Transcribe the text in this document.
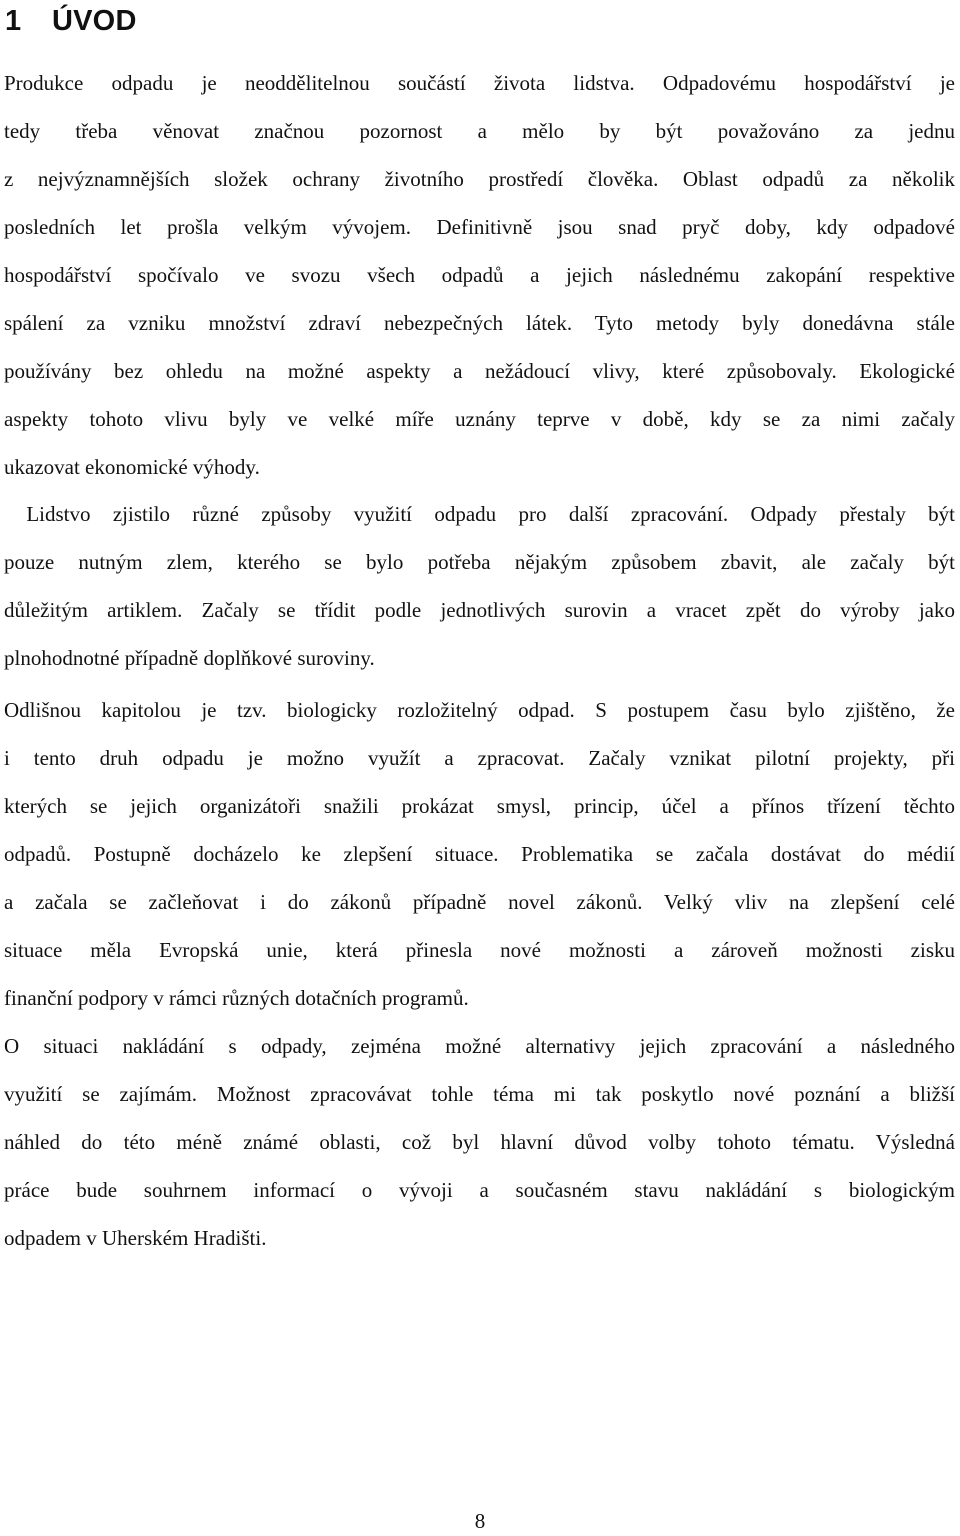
1 ÚVOD

Produkce odpadu je neoddělitelnou součástí života lidstva. Odpadovému hospodářství je
tedy třeba věnovat značnou pozornost a mělo by být považováno za jednu
z nejvýznamnějších složek ochrany životního prostředí člověka. Oblast odpadů za několik
posledních let prošla velkým vývojem. Definitivně jsou snad pryč doby, kdy odpadové
hospodářství spočívalo ve svozu všech odpadů a jejich následnému zakopání respektive
spálení za vzniku množství zdraví nebezpečných látek. Tyto metody byly donedávna stále
používány bez ohledu na možné aspekty a nežádoucí vlivy, které způsobovaly. Ekologické
aspekty tohoto vlivu byly ve velké míře uznány teprve v době, kdy se za nimi začaly
ukazovat ekonomické výhody.

Lidstvo zjistilo různé způsoby využití odpadu pro další zpracování. Odpady přestaly být
pouze nutným zlem, kterého se bylo potřeba nějakým způsobem zbavit, ale začaly být
důležitým artiklem. Začaly se třídit podle jednotlivých surovin a vracet zpět do výroby jako
plnohodnotné případně doplňkové suroviny.

Odlišnou kapitolou je tzv. biologicky rozložitelný odpad. S postupem času bylo zjištěno, že
i tento druh odpadu je možno využít a zpracovat. Začaly vznikat pilotní projekty, při
kterých se jejich organizátoři snažili prokázat smysl, princip, účel a přínos třízení těchto
odpadů. Postupně docházelo ke zlepšení situace. Problematika se začala dostávat do médií
a začala se začleňovat i do zákonů případně novel zákonů. Velký vliv na zlepšení celé
situace měla Evropská unie, která přinesla nové možnosti a zároveň možnosti zisku
finanční podpory v rámci různých dotačních programů.

O situaci nakládání s odpady, zejména možné alternativy jejich zpracování a následného
využití se zajímám. Možnost zpracovávat tohle téma mi tak poskytlo nové poznání a bližší
náhled do této méně známé oblasti, což byl hlavní důvod volby tohoto tématu. Výsledná
práce bude souhrnem informací o vývoji a současném stavu nakládání s biologickým
odpadem v Uherském Hradišti.

8
